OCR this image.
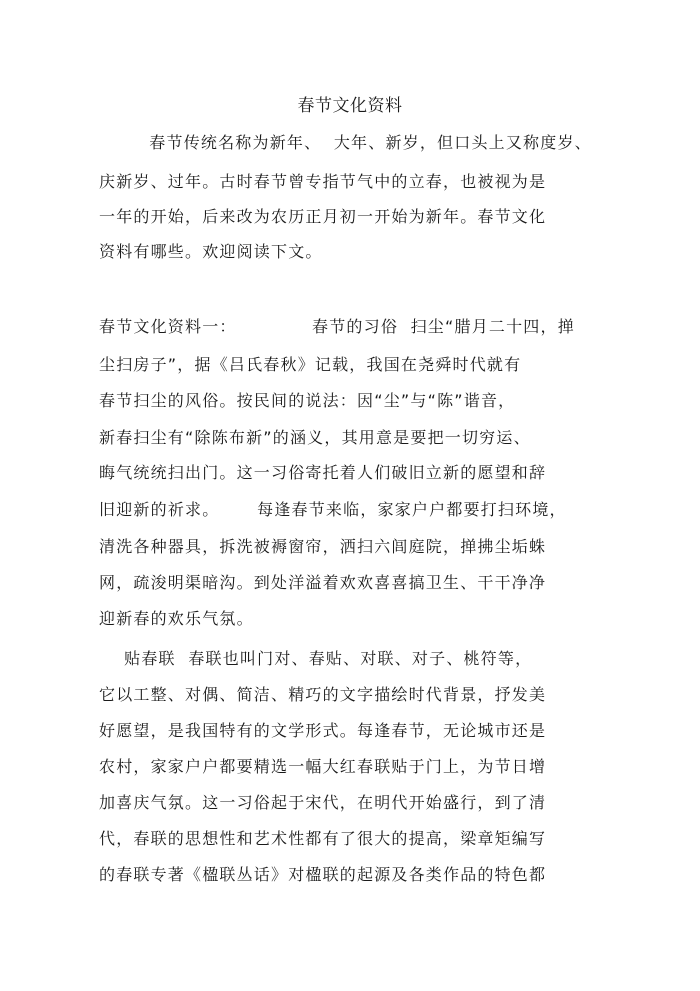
春节文化资料
春节传统名称为新年、  大年、新岁，但口头上又称度岁、
庆新岁、过年。古时春节曾专指节气中的立春，也被视为是
一年的开始，后来改为农历正月初一开始为新年。春节文化
资料有哪些。欢迎阅读下文。
春节文化资料一：            春节的习俗  扫尘“腊月二十四，掸
尘扫房子”，据《吕氏春秋》记载，我国在尧舜时代就有
春节扫尘的风俗。按民间的说法：因“尘”与“陈”谐音，
新春扫尘有“除陈布新”的涵义，其用意是要把一切穷运、
晦气统统扫出门。这一习俗寄托着人们破旧立新的愿望和辞
旧迎新的祈求。      每逢春节来临，家家户户都要打扫环境，
清洗各种器具，拆洗被褥窗帘，洒扫六闾庭院，掸拂尘垢蛛
网，疏浚明渠暗沟。到处洋溢着欢欢喜喜搞卫生、干干净净
迎新春的欢乐气氛。
贴春联  春联也叫门对、春贴、对联、对子、桃符等，
它以工整、对偶、简洁、精巧的文字描绘时代背景，抒发美
好愿望，是我国特有的文学形式。每逢春节，无论城市还是
农村，家家户户都要精选一幅大红春联贴于门上，为节日增
加喜庆气氛。这一习俗起于宋代，在明代开始盛行，到了清
代，春联的思想性和艺术性都有了很大的提高，梁章矩编写
的春联专著《楹联丛话》对楹联的起源及各类作品的特色都
